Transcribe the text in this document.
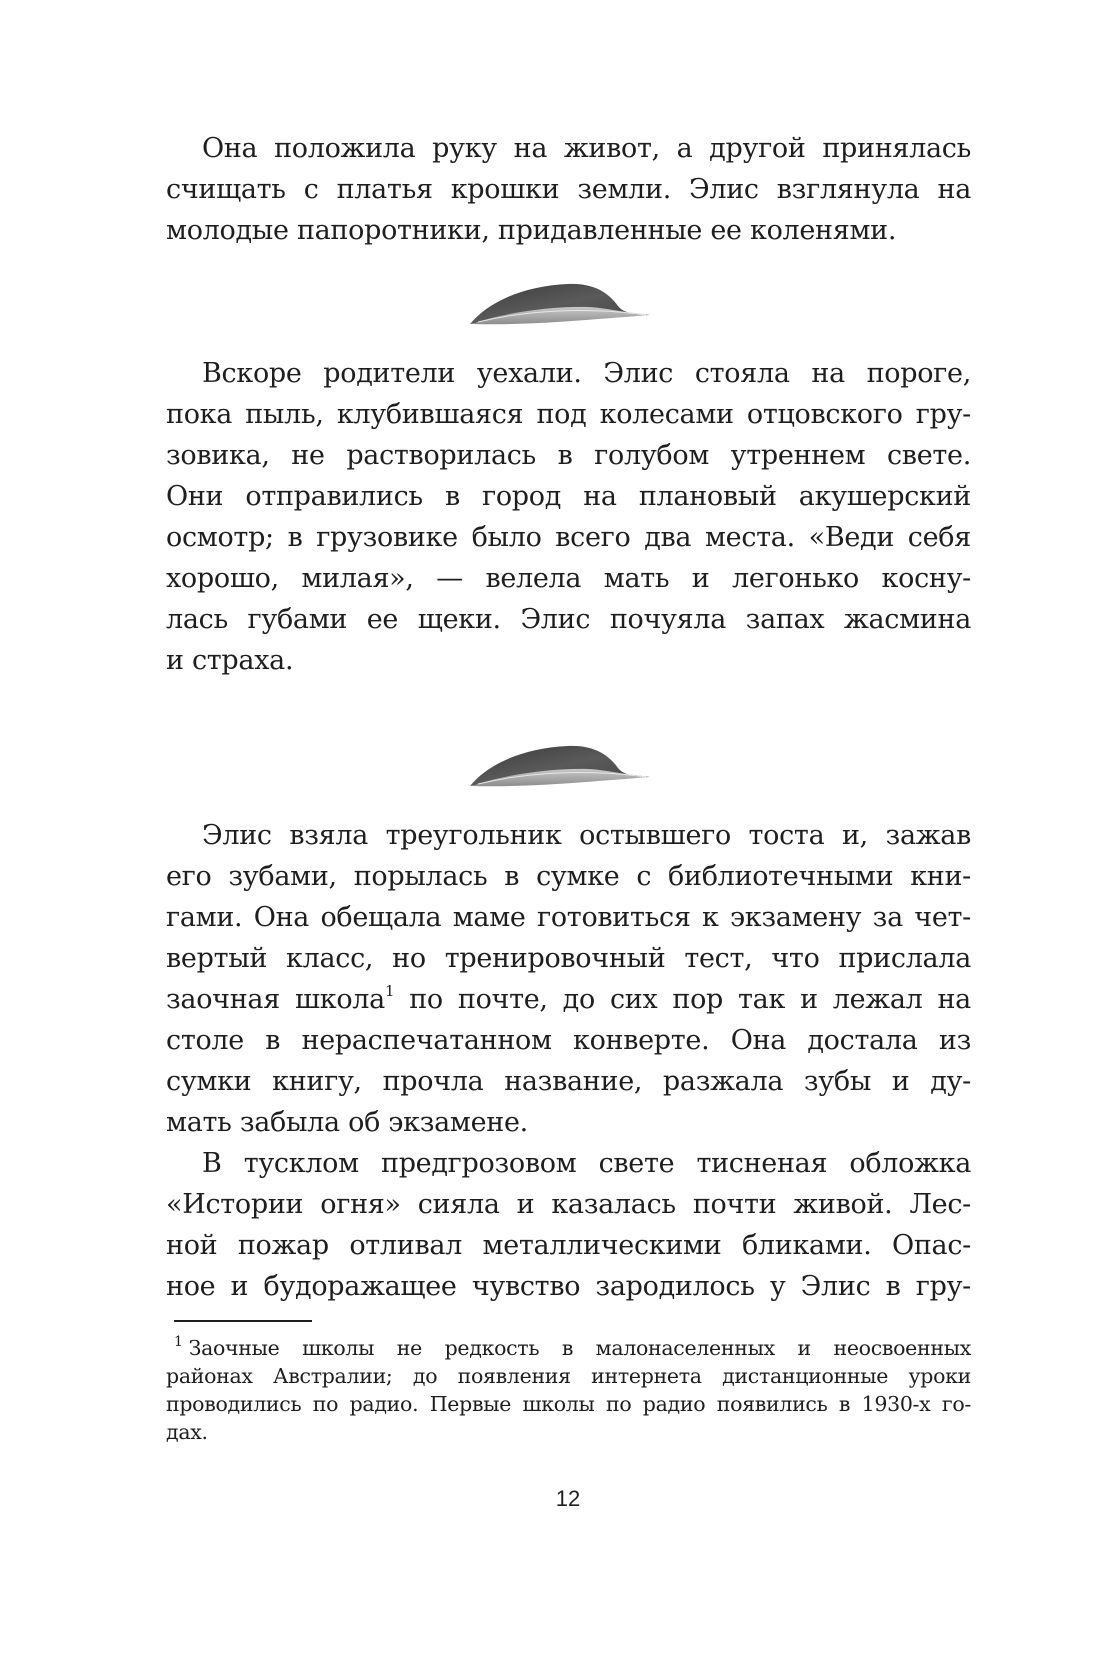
Она положила руку на живот, а другой принялась
счищать с платья крошки земли. Элис взглянула на
молодые папоротники, придавленные ее коленями.

Вскоре родители уехали. Элис стояла на пороге,
пока пыль, клубившаяся под колесами отцовского гру-
зовика, не растворилась в голубом утреннем свете.
Они отправились в город на плановый акушерский
осмотр; в грузовике было всего два места. «Веди себя
хорошо, милая», — велела мать и легонько косну-
лась губами ее щеки. Элис почуяла запах жасмина
и страха.

Элис взяла треугольник остывшего тоста и, зажав
его зубами, порылась в сумке с библиотечными кни-
гами. Она обещала маме готовиться к экзамену за чет-
вертый класс, но тренировочный тест, что прислала
заочная школа$^1$ по почте, до сих пор так и лежал на
столе в нераспечатанном конверте. Она достала из
сумки книгу, прочла название, разжала зубы и ду-
мать забыла об экзамене.

В тусклом предгрозовом свете тисненая обложка
«Истории огня» сияла и казалась почти живой. Лес-
ной пожар отливал металлическими бликами. Опас-
ное и будоражащее чувство зародилось у Элис в гру-

$^1$ Заочные школы не редкость в малонаселенных и неосвоенных
районах Австралии; до появления интернета дистанционные уроки
проводились по радио. Первые школы по радио появились в 1930-х го-
дах.
12
